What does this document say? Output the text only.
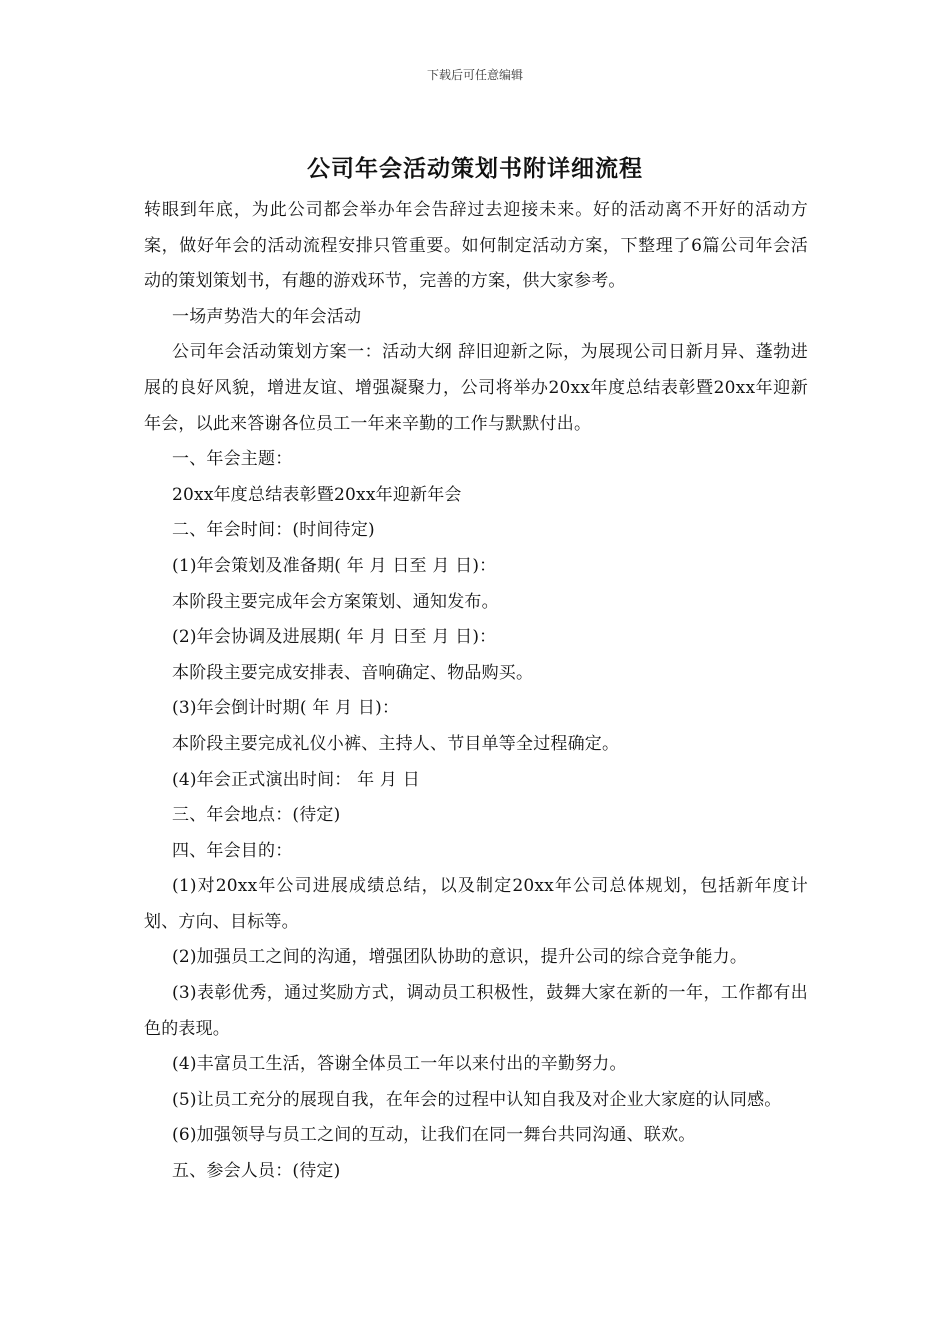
下载后可任意编辑
公司年会活动策划书附详细流程

转眼到年底，为此公司都会举办年会告辞过去迎接未来。好的活动离不开好的活动方案，做好年会的活动流程安排只管重要。如何制定活动方案，下整理了6篇公司年会活动的策划策划书，有趣的游戏环节，完善的方案，供大家参考。

一场声势浩大的年会活动

公司年会活动策划方案一：活动大纲 辞旧迎新之际，为展现公司日新月异、蓬勃进展的良好风貌，增进友谊、增强凝聚力，公司将举办20xx年度总结表彰暨20xx年迎新年会，以此来答谢各位员工一年来辛勤的工作与默默付出。

一、年会主题：

20xx年度总结表彰暨20xx年迎新年会

二、年会时间：(时间待定)

(1)年会策划及准备期( 年 月 日至 月 日)：

本阶段主要完成年会方案策划、通知发布。

(2)年会协调及进展期( 年 月 日至 月 日)：

本阶段主要完成安排表、音响确定、物品购买。

(3)年会倒计时期( 年 月 日)：

本阶段主要完成礼仪小裤、主持人、节目单等全过程确定。

(4)年会正式演出时间： 年 月 日

三、年会地点：(待定)

四、年会目的：

(1)对20xx年公司进展成绩总结，以及制定20xx年公司总体规划，包括新年度计划、方向、目标等。

(2)加强员工之间的沟通，增强团队协助的意识，提升公司的综合竞争能力。

(3)表彰优秀，通过奖励方式，调动员工积极性，鼓舞大家在新的一年，工作都有出色的表现。

(4)丰富员工生活，答谢全体员工一年以来付出的辛勤努力。

(5)让员工充分的展现自我，在年会的过程中认知自我及对企业大家庭的认同感。

(6)加强领导与员工之间的互动，让我们在同一舞台共同沟通、联欢。

五、参会人员：(待定)
